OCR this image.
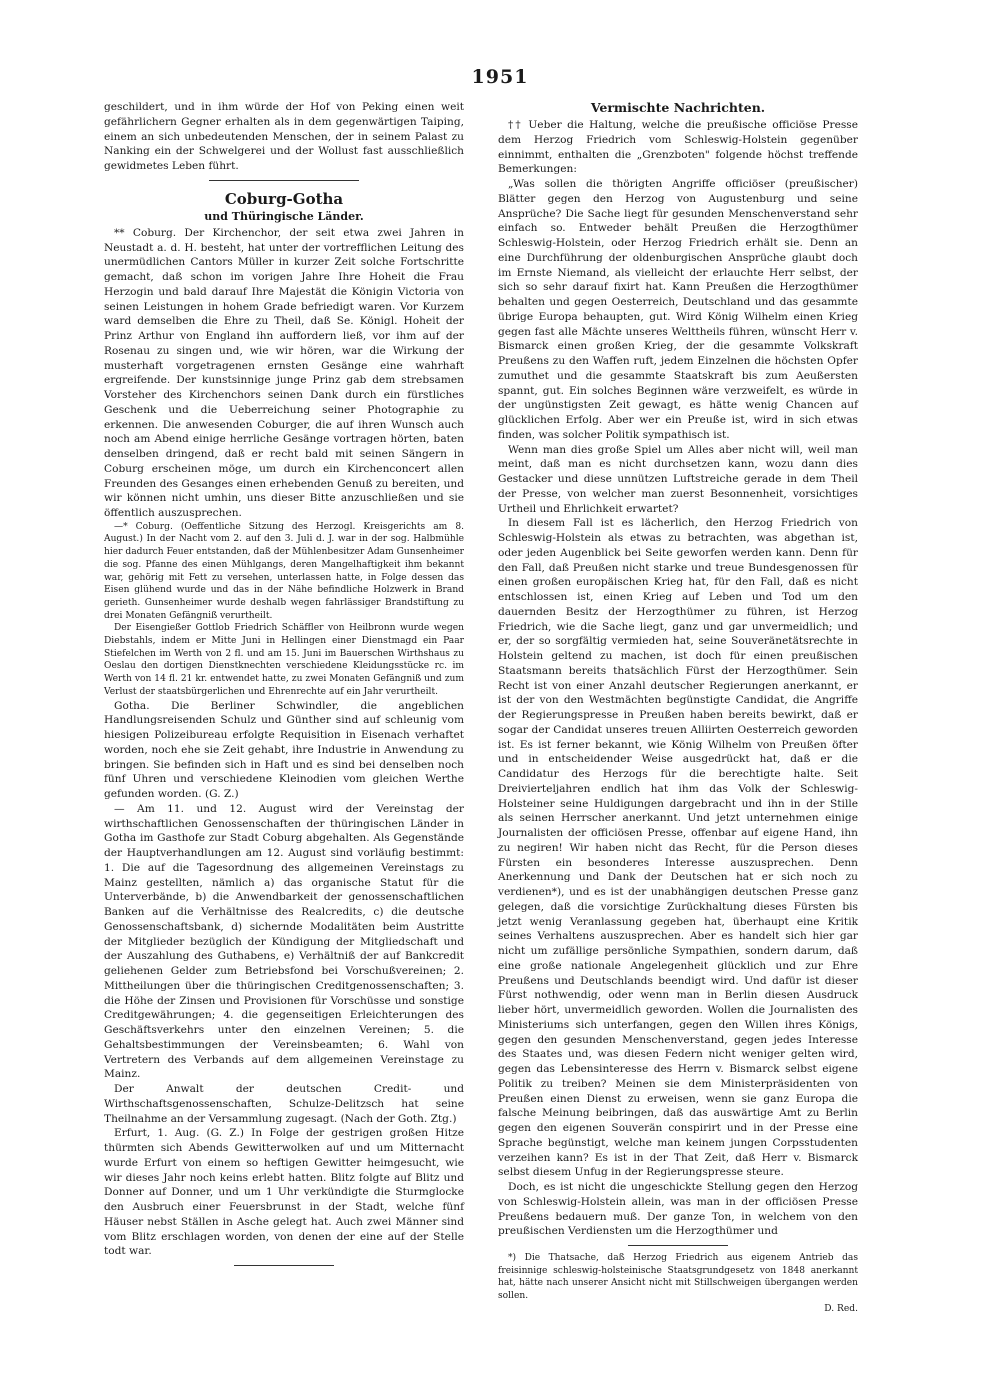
1951

geschildert, und in ihm würde der Hof von Peking einen weit gefährlichern Gegner erhalten als in dem gegenwärtigen Taiping, einem an sich unbedeutenden Menschen, der in seinem Palast zu Nanking ein der Schwelgerei und der Wollust fast ausschließlich gewidmetes Leben führt.

Coburg-Gotha
und Thüringische Länder.

** Coburg. Der Kirchenchor, der seit etwa zwei Jahren in Neustadt a. d. H. besteht, hat unter der vortrefflichen Leitung des unermüdlichen Cantors Müller in kurzer Zeit solche Fortschritte gemacht, daß schon im vorigen Jahre Ihre Hoheit die Frau Herzogin und bald darauf Ihre Majestät die Königin Victoria von seinen Leistungen in hohem Grade befriedigt waren. Vor Kurzem ward demselben die Ehre zu Theil, daß Se. Königl. Hoheit der Prinz Arthur von England ihn auffordern ließ, vor ihm auf der Rosenau zu singen und, wie wir hören, war die Wirkung der musterhaft vorgetragenen ernsten Gesänge eine wahrhaft ergreifende. Der kunstsinnige junge Prinz gab dem strebsamen Vorsteher des Kirchenchors seinen Dank durch ein fürstliches Geschenk und die Ueberreichung seiner Photographie zu erkennen. Die anwesenden Coburger, die auf ihren Wunsch auch noch am Abend einige herrliche Gesänge vortragen hörten, baten denselben dringend, daß er recht bald mit seinen Sängern in Coburg erscheinen möge, um durch ein Kirchenconcert allen Freunden des Gesanges einen erhebenden Genuß zu bereiten, und wir können nicht umhin, uns dieser Bitte anzuschließen und sie öffentlich auszusprechen.

—* Coburg. (Oeffentliche Sitzung des Herzogl. Kreisgerichts am 8. August.) In der Nacht vom 2. auf den 3. Juli d. J. war in der sog. Halbmühle hier dadurch Feuer entstanden, daß der Mühlenbesitzer Adam Gunsenheimer die sog. Pfanne des einen Mühlgangs, deren Mangelhaftigkeit ihm bekannt war, gehörig mit Fett zu versehen, unterlassen hatte, in Folge dessen das Eisen glühend wurde und das in der Nähe befindliche Holzwerk in Brand gerieth. Gunsenheimer wurde deshalb wegen fahrlässiger Brandstiftung zu drei Monaten Gefängniß verurtheilt.

Der Eisengießer Gottlob Friedrich Schäffler von Heilbronn wurde wegen Diebstahls, indem er Mitte Juni in Hellingen einer Dienstmagd ein Paar Stiefelchen im Werth von 2 fl. und am 15. Juni im Bauerschen Wirthshaus zu Oeslau den dortigen Dienstknechten verschiedene Kleidungsstücke rc. im Werth von 14 fl. 21 kr. entwendet hatte, zu zwei Monaten Gefängniß und zum Verlust der staatsbürgerlichen und Ehrenrechte auf ein Jahr verurtheilt.

Gotha. Die Berliner Schwindler, die angeblichen Handlungsreisenden Schulz und Günther sind auf schleunig vom hiesigen Polizeibureau erfolgte Requisition in Eisenach verhaftet worden, noch ehe sie Zeit gehabt, ihre Industrie in Anwendung zu bringen. Sie befinden sich in Haft und es sind bei denselben noch fünf Uhren und verschiedene Kleinodien vom gleichen Werthe gefunden worden. (G. Z.)

— Am 11. und 12. August wird der Vereinstag der wirthschaftlichen Genossenschaften der thüringischen Länder in Gotha im Gasthofe zur Stadt Coburg abgehalten. Als Gegenstände der Hauptverhandlungen am 12. August sind vorläufig bestimmt: 1. Die auf die Tagesordnung des allgemeinen Vereinstags zu Mainz gestellten, nämlich a) das organische Statut für die Unterverbände, b) die Anwendbarkeit der genossenschaftlichen Banken auf die Verhältnisse des Realcredits, c) die deutsche Genossenschaftsbank, d) sichernde Modalitäten beim Austritte der Mitglieder bezüglich der Kündigung der Mitgliedschaft und der Auszahlung des Guthabens, e) Verhältniß der auf Bankcredit geliehenen Gelder zum Betriebsfond bei Vorschußvereinen; 2. Mittheilungen über die thüringischen Creditgenossenschaften; 3. die Höhe der Zinsen und Provisionen für Vorschüsse und sonstige Creditgewährungen; 4. die gegenseitigen Erleichterungen des Geschäftsverkehrs unter den einzelnen Vereinen; 5. die Gehaltsbestimmungen der Vereinsbeamten; 6. Wahl von Vertretern des Verbands auf dem allgemeinen Vereinstage zu Mainz.

Der Anwalt der deutschen Credit- und Wirthschaftsgenossenschaften, Schulze-Delitzsch hat seine Theilnahme an der Versammlung zugesagt. (Nach der Goth. Ztg.)

Erfurt, 1. Aug. (G. Z.) In Folge der gestrigen großen Hitze thürmten sich Abends Gewitterwolken auf und um Mitternacht wurde Erfurt von einem so heftigen Gewitter heimgesucht, wie wir dieses Jahr noch keins erlebt hatten. Blitz folgte auf Blitz und Donner auf Donner, und um 1 Uhr verkündigte die Sturmglocke den Ausbruch einer Feuersbrunst in der Stadt, welche fünf Häuser nebst Ställen in Asche gelegt hat. Auch zwei Männer sind vom Blitz erschlagen worden, von denen der eine auf der Stelle todt war.

Vermischte Nachrichten.

†† Ueber die Haltung, welche die preußische officiöse Presse dem Herzog Friedrich vom Schleswig-Holstein gegenüber einnimmt, enthalten die „Grenzboten" folgende höchst treffende Bemerkungen:

„Was sollen die thörigten Angriffe officiöser (preußischer) Blätter gegen den Herzog von Augustenburg und seine Ansprüche? Die Sache liegt für gesunden Menschenverstand sehr einfach so. Entweder behält Preußen die Herzogthümer Schleswig-Holstein, oder Herzog Friedrich erhält sie. Denn an eine Durchführung der oldenburgischen Ansprüche glaubt doch im Ernste Niemand, als vielleicht der erlauchte Herr selbst, der sich so sehr darauf fixirt hat. Kann Preußen die Herzogthümer behalten und gegen Oesterreich, Deutschland und das gesammte übrige Europa behaupten, gut. Wird König Wilhelm einen Krieg gegen fast alle Mächte unseres Welttheils führen, wünscht Herr v. Bismarck einen großen Krieg, der die gesammte Volkskraft Preußens zu den Waffen ruft, jedem Einzelnen die höchsten Opfer zumuthet und die gesammte Staatskraft bis zum Aeußersten spannt, gut. Ein solches Beginnen wäre verzweifelt, es würde in der ungünstigsten Zeit gewagt, es hätte wenig Chancen auf glücklichen Erfolg. Aber wer ein Preuße ist, wird in sich etwas finden, was solcher Politik sympathisch ist.

Wenn man dies große Spiel um Alles aber nicht will, weil man meint, daß man es nicht durchsetzen kann, wozu dann dies Gestacker und diese unnützen Luftstreiche gerade in dem Theil der Presse, von welcher man zuerst Besonnenheit, vorsichtiges Urtheil und Ehrlichkeit erwartet?

In diesem Fall ist es lächerlich, den Herzog Friedrich von Schleswig-Holstein als etwas zu betrachten, was abgethan ist, oder jeden Augenblick bei Seite geworfen werden kann. Denn für den Fall, daß Preußen nicht starke und treue Bundesgenossen für einen großen europäischen Krieg hat, für den Fall, daß es nicht entschlossen ist, einen Krieg auf Leben und Tod um den dauernden Besitz der Herzogthümer zu führen, ist Herzog Friedrich, wie die Sache liegt, ganz und gar unvermeidlich; und er, der so sorgfältig vermieden hat, seine Souveränetätsrechte in Holstein geltend zu machen, ist doch für einen preußischen Staatsmann bereits thatsächlich Fürst der Herzogthümer. Sein Recht ist von einer Anzahl deutscher Regierungen anerkannt, er ist der von den Westmächten begünstigte Candidat, die Angriffe der Regierungspresse in Preußen haben bereits bewirkt, daß er sogar der Candidat unseres treuen Alliirten Oesterreich geworden ist. Es ist ferner bekannt, wie König Wilhelm von Preußen öfter und in entscheidender Weise ausgedrückt hat, daß er die Candidatur des Herzogs für die berechtigte halte. Seit Dreivierteljahren endlich hat ihm das Volk der Schleswig-Holsteiner seine Huldigungen dargebracht und ihn in der Stille als seinen Herrscher anerkannt. Und jetzt unternehmen einige Journalisten der officiösen Presse, offenbar auf eigene Hand, ihn zu negiren! Wir haben nicht das Recht, für die Person dieses Fürsten ein besonderes Interesse auszusprechen. Denn Anerkennung und Dank der Deutschen hat er sich noch zu verdienen*), und es ist der unabhängigen deutschen Presse ganz gelegen, daß die vorsichtige Zurückhaltung dieses Fürsten bis jetzt wenig Veranlassung gegeben hat, überhaupt eine Kritik seines Verhaltens auszusprechen. Aber es handelt sich hier gar nicht um zufällige persönliche Sympathien, sondern darum, daß eine große nationale Angelegenheit glücklich und zur Ehre Preußens und Deutschlands beendigt wird. Und dafür ist dieser Fürst nothwendig, oder wenn man in Berlin diesen Ausdruck lieber hört, unvermeidlich geworden. Wollen die Journalisten des Ministeriums sich unterfangen, gegen den Willen ihres Königs, gegen den gesunden Menschenverstand, gegen jedes Interesse des Staates und, was diesen Federn nicht weniger gelten wird, gegen das Lebensinteresse des Herrn v. Bismarck selbst eigene Politik zu treiben? Meinen sie dem Ministerpräsidenten von Preußen einen Dienst zu erweisen, wenn sie ganz Europa die falsche Meinung beibringen, daß das auswärtige Amt zu Berlin gegen den eigenen Souverän conspirirt und in der Presse eine Sprache begünstigt, welche man keinem jungen Corpsstudenten verzeihen kann? Es ist in der That Zeit, daß Herr v. Bismarck selbst diesem Unfug in der Regierungspresse steure.

Doch, es ist nicht die ungeschickte Stellung gegen den Herzog von Schleswig-Holstein allein, was man in der officiösen Presse Preußens bedauern muß. Der ganze Ton, in welchem von den preußischen Verdiensten um die Herzogthümer und

*) Die Thatsache, daß Herzog Friedrich aus eigenem Antrieb das freisinnige schleswig-holsteinische Staatsgrundgesetz von 1848 anerkannt hat, hätte nach unserer Ansicht nicht mit Stillschweigen übergangen werden sollen.

D. Red.
